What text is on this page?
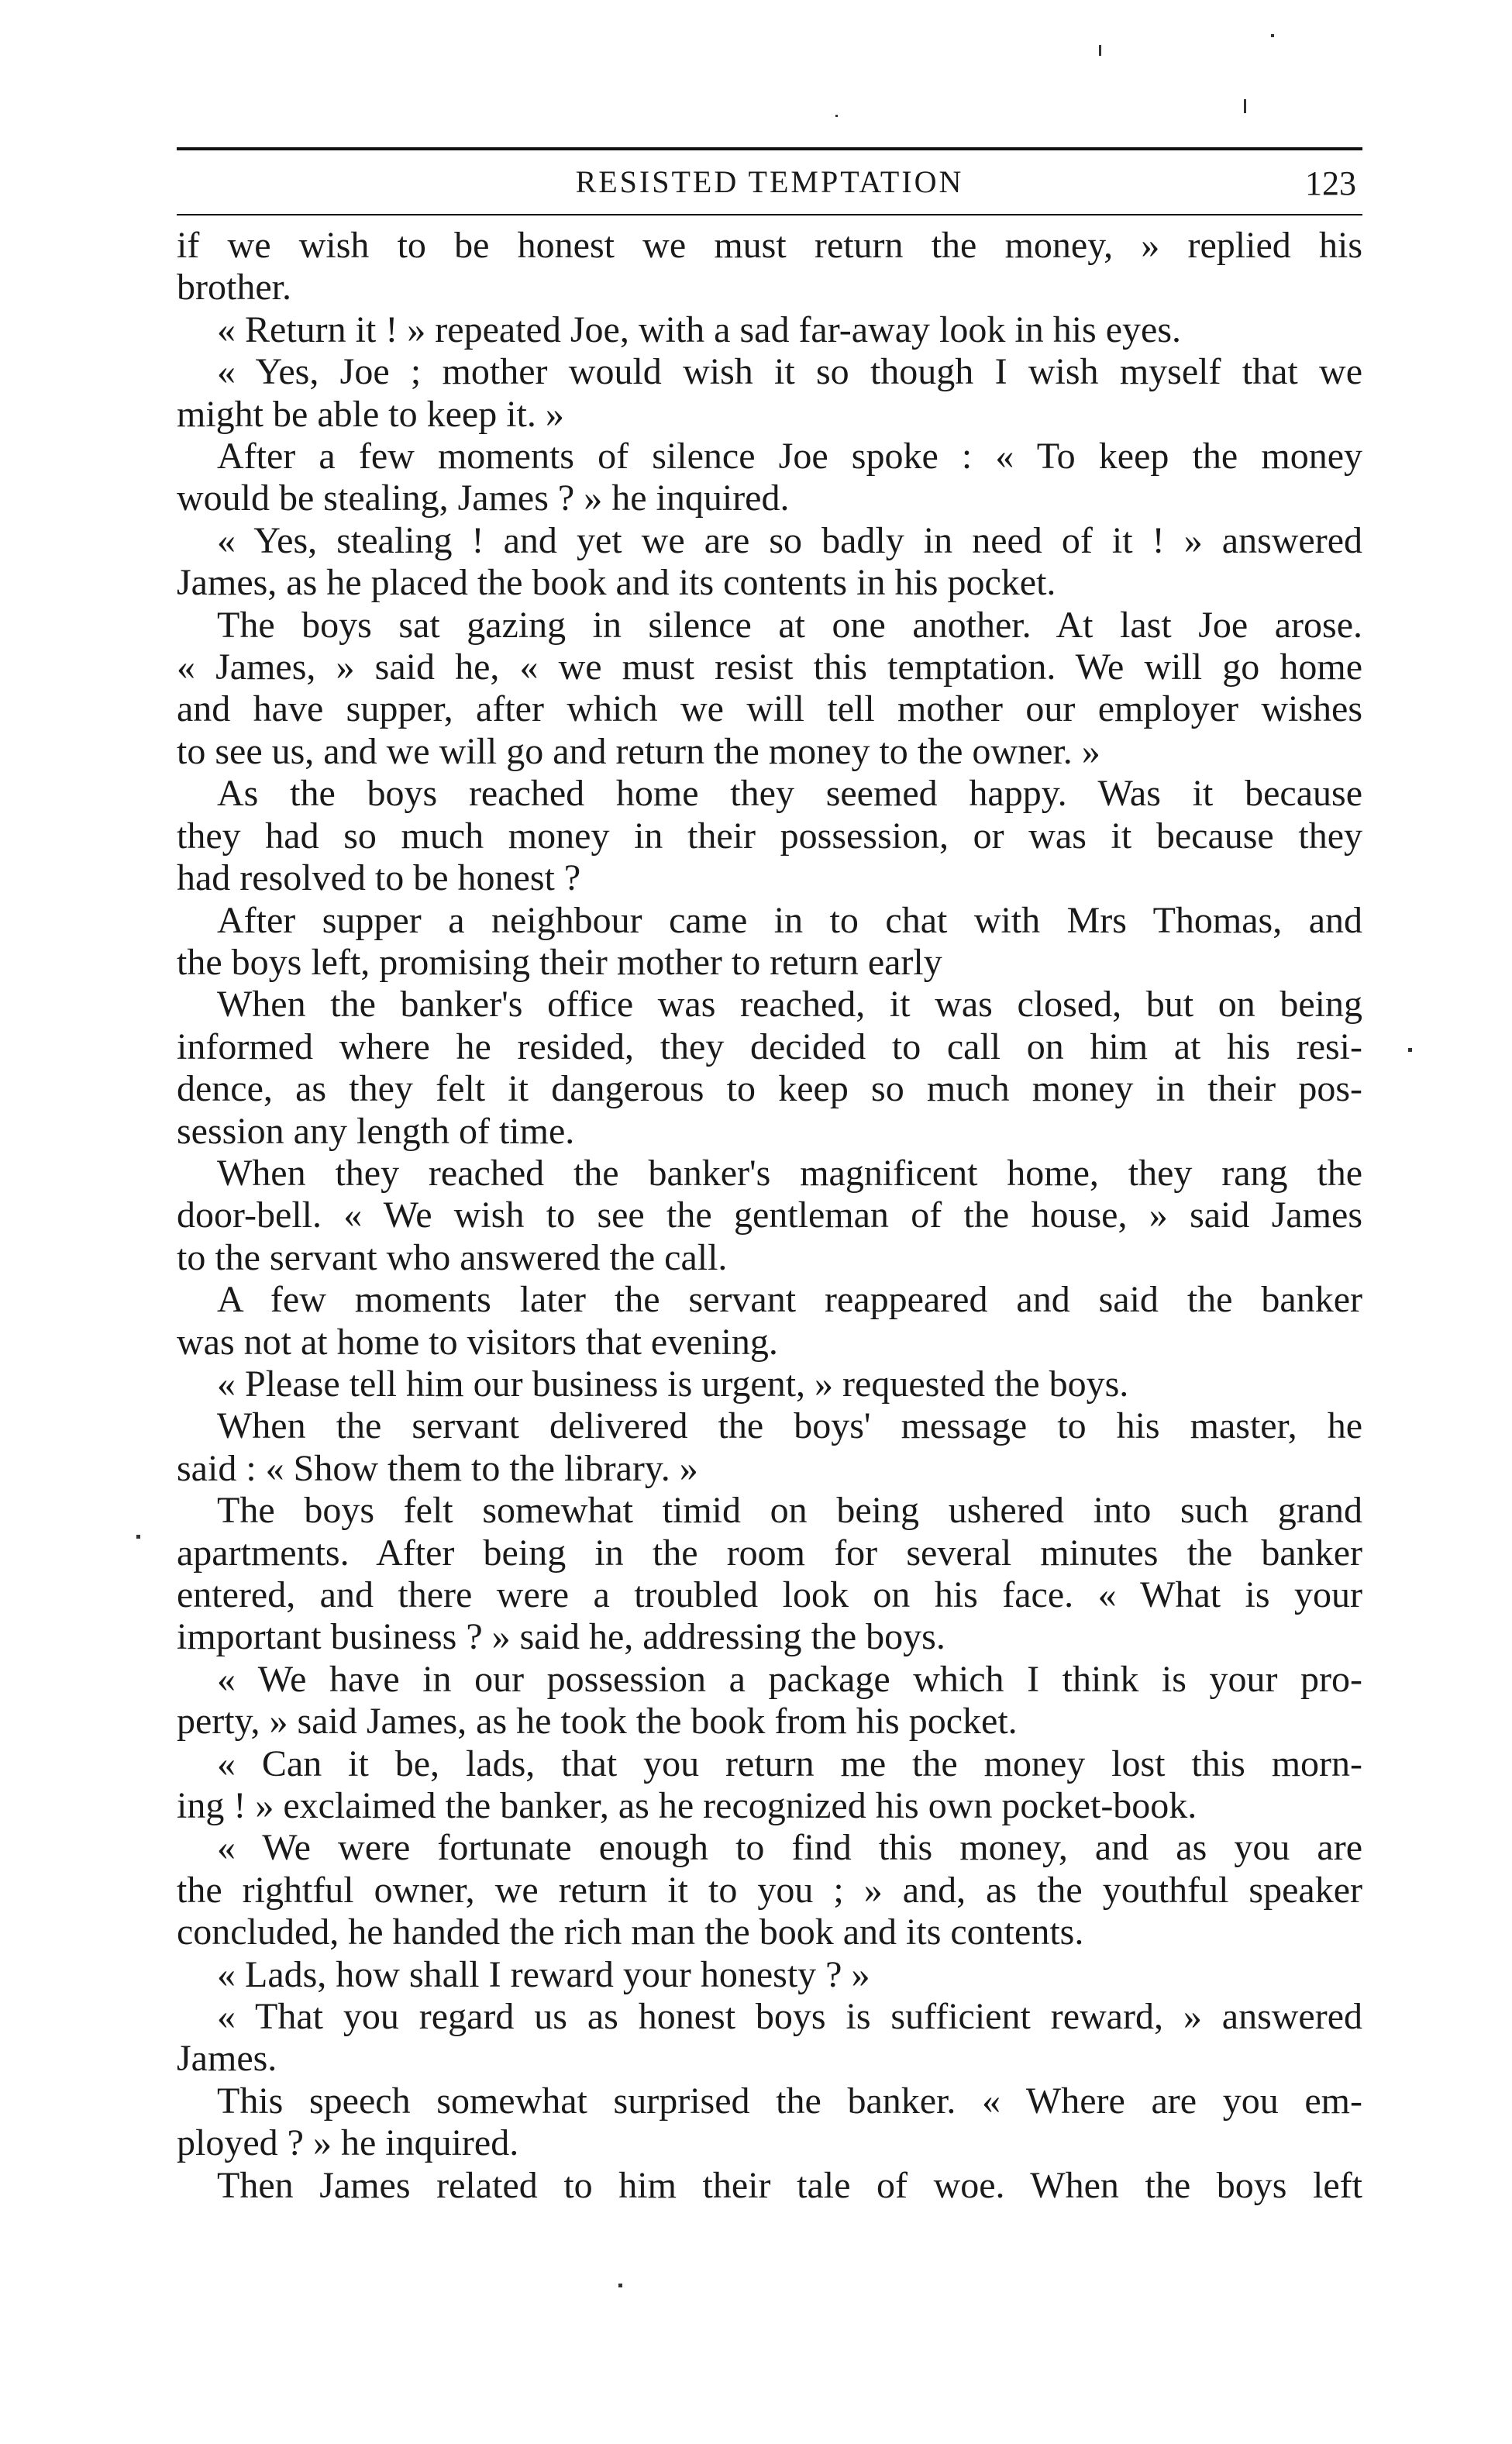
RESISTED TEMPTATION	123
if we wish to be honest we must return the money, » replied his
brother.
« Return it ! » repeated Joe, with a sad far-away look in his eyes.
« Yes, Joe ; mother would wish it so though I wish myself that we
might be able to keep it. »
After a few moments of silence Joe spoke : « To keep the money
would be stealing, James ? » he inquired.
« Yes, stealing ! and yet we are so badly in need of it ! » answered
James, as he placed the book and its contents in his pocket.
The boys sat gazing in silence at one another. At last Joe arose.
« James, » said he, « we must resist this temptation. We will go home
and have supper, after which we will tell mother our employer wishes
to see us, and we will go and return the money to the owner. »
As the boys reached home they seemed happy. Was it because
they had so much money in their possession, or was it because they
had resolved to be honest ?
After supper a neighbour came in to chat with Mrs Thomas, and
the boys left, promising their mother to return early
When the banker's office was reached, it was closed, but on being
informed where he resided, they decided to call on him at his resi-
dence, as they felt it dangerous to keep so much money in their pos-
session any length of time.
When they reached the banker's magnificent home, they rang the
door-bell. « We wish to see the gentleman of the house, » said James
to the servant who answered the call.
A few moments later the servant reappeared and said the banker
was not at home to visitors that evening.
« Please tell him our business is urgent, » requested the boys.
When the servant delivered the boys' message to his master, he
said : « Show them to the library. »
The boys felt somewhat timid on being ushered into such grand
apartments. After being in the room for several minutes the banker
entered, and there were a troubled look on his face. « What is your
important business ? » said he, addressing the boys.
« We have in our possession a package which I think is your pro-
perty, » said James, as he took the book from his pocket.
« Can it be, lads, that you return me the money lost this morn-
ing ! » exclaimed the banker, as he recognized his own pocket-book.
« We were fortunate enough to find this money, and as you are
the rightful owner, we return it to you ; » and, as the youthful speaker
concluded, he handed the rich man the book and its contents.
« Lads, how shall I reward your honesty ? »
« That you regard us as honest boys is sufficient reward, » answered
James.
This speech somewhat surprised the banker. « Where are you em-
ployed ? » he inquired.
Then James related to him their tale of woe. When the boys left
